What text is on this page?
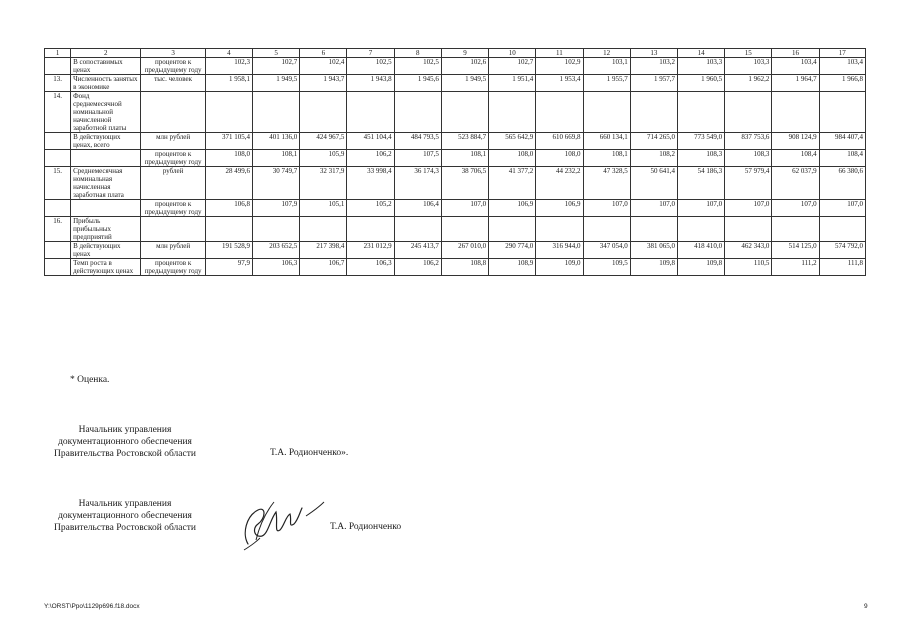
1	2	3	4	5	6	7	8	9	10	11	12	13	14	15	16	17
	В сопоставимых ценах	процентов к предыдущему году	102,3	102,7	102,4	102,5	102,5	102,6	102,7	102,9	103,1	103,2	103,3	103,3	103,4	103,4
13.	Численность занятых в экономике	тыс. человек	1 958,1	1 949,5	1 943,7	1 943,8	1 945,6	1 949,5	1 951,4	1 953,4	1 955,7	1 957,7	1 960,5	1 962,2	1 964,7	1 966,8
14.	Фонд среднемесячной номинальной начисленной заработной платы															
	В действующих ценах, всего	млн рублей	371 105,4	401 136,0	424 967,5	451 104,4	484 793,5	523 884,7	565 642,9	610 669,8	660 134,1	714 265,0	773 549,0	837 753,6	908 124,9	984 407,4
		процентов к предыдущему году	108,0	108,1	105,9	106,2	107,5	108,1	108,0	108,0	108,1	108,2	108,3	108,3	108,4	108,4
15.	Среднемесячная номинальная начисленная заработная плата	рублей	28 499,6	30 749,7	32 317,9	33 998,4	36 174,3	38 706,5	41 377,2	44 232,2	47 328,5	50 641,4	54 186,3	57 979,4	62 037,9	66 380,6
		процентов к предыдущему году	106,8	107,9	105,1	105,2	106,4	107,0	106,9	106,9	107,0	107,0	107,0	107,0	107,0	107,0
16.	Прибыль прибыльных предприятий															
	В действующих ценах	млн рублей	191 528,9	203 652,5	217 398,4	231 012,9	245 413,7	267 010,0	290 774,0	316 944,0	347 054,0	381 065,0	418 410,0	462 343,0	514 125,0	574 792,0
	Темп роста в действующих ценах	процентов к предыдущему году	97,9	106,3	106,7	106,3	106,2	108,8	108,9	109,0	109,5	109,8	109,8	110,5	111,2	111,8
* Оценка.
Начальник управления
документационного обеспечения
Правительства Ростовской области	Т.А. Родионченко».
Начальник управления
документационного обеспечения
Правительства Ростовской области	Т.А. Родионченко
Y:\ORST\Ppo\1129p696.f18.docx	9
